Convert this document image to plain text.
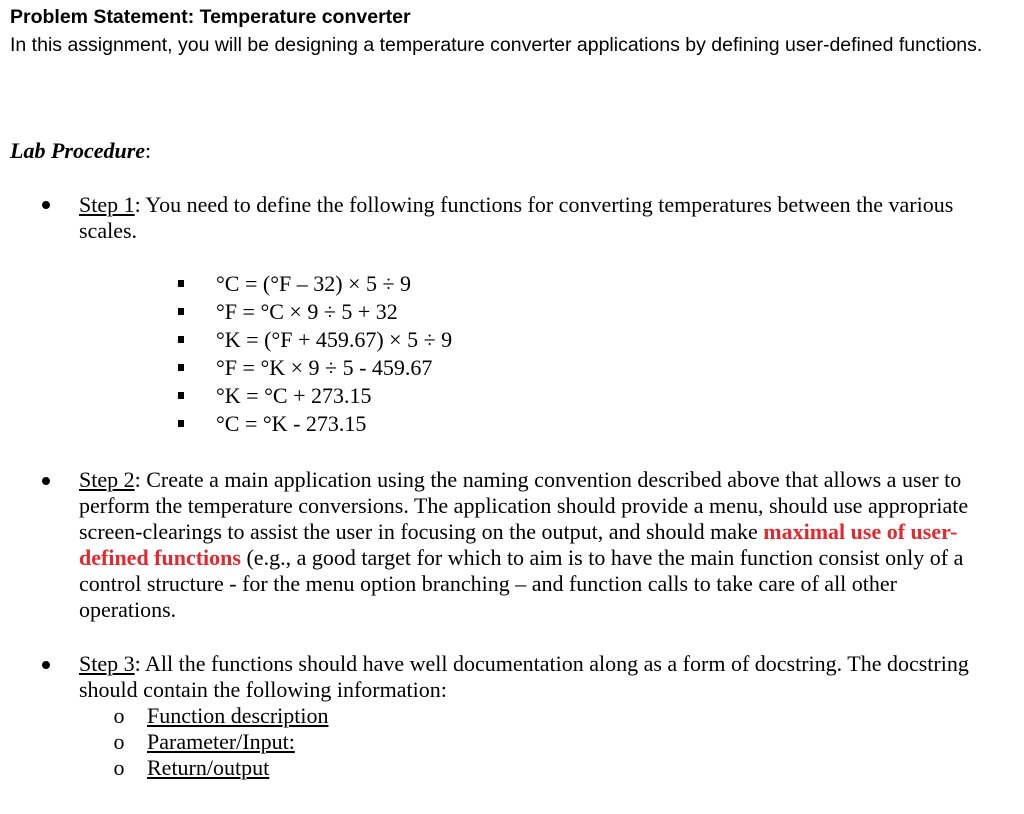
Problem Statement: Temperature converter
In this assignment, you will be designing a temperature converter applications by defining user-defined functions.
Lab Procedure:
Step 1: You need to define the following functions for converting temperatures between the various scales.
°C = (°F – 32) × 5 ÷ 9
°F = °C × 9 ÷ 5 + 32
°K = (°F + 459.67) × 5 ÷ 9
°F = °K × 9 ÷ 5 - 459.67
°K = °C + 273.15
°C = °K - 273.15
Step 2: Create a main application using the naming convention described above that allows a user to perform the temperature conversions. The application should provide a menu, should use appropriate screen-clearings to assist the user in focusing on the output, and should make maximal use of user-defined functions (e.g., a good target for which to aim is to have the main function consist only of a control structure - for the menu option branching – and function calls to take care of all other operations.
Step 3: All the functions should have well documentation along as a form of docstring. The docstring should contain the following information:
o Function description
o Parameter/Input:
o Return/output
